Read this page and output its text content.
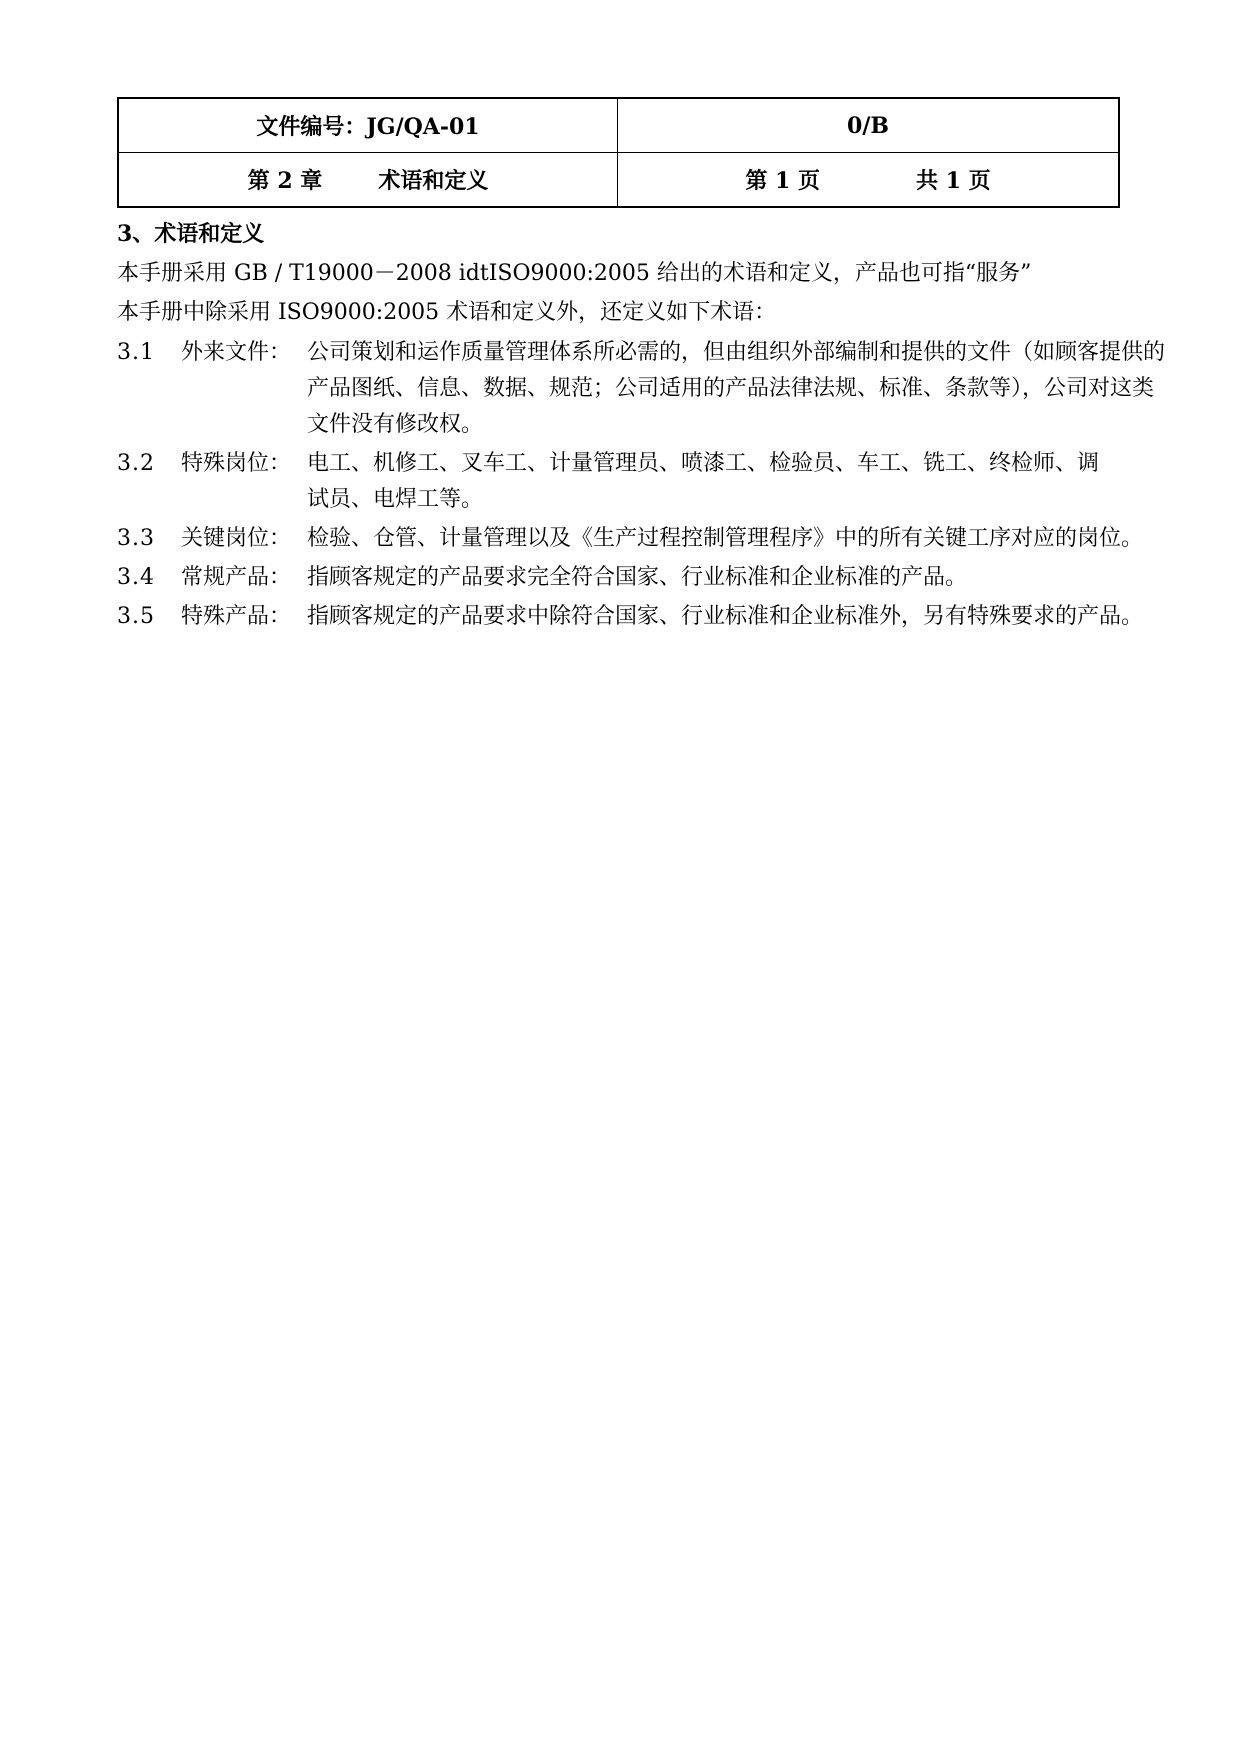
文件编号：JG/QA-01	0/B
第 2 章 术语和定义	第 1 页 共 1 页
3、术语和定义
本手册采用 GB / T19000－2008 idtISO9000:2005 给出的术语和定义，产品也可指“服务”
本手册中除采用 ISO9000:2005 术语和定义外，还定义如下术语：
3.1	外来文件： 公司策划和运作质量管理体系所必需的，但由组织外部编制和提供的文件（如顾客提供的产品图纸、信息、数据、规范；公司适用的产品法律法规、标准、条款等），公司对这类文件没有修改权。
3.2	特殊岗位： 电工、机修工、叉车工、计量管理员、喷漆工、检验员、车工、铣工、终检师、调试员、电焊工等。
3.3	关键岗位： 检验、仓管、计量管理以及《生产过程控制管理程序》中的所有关键工序对应的岗位。
3.4	常规产品： 指顾客规定的产品要求完全符合国家、行业标准和企业标准的产品。
3.5	特殊产品： 指顾客规定的产品要求中除符合国家、行业标准和企业标准外，另有特殊要求的产品。
